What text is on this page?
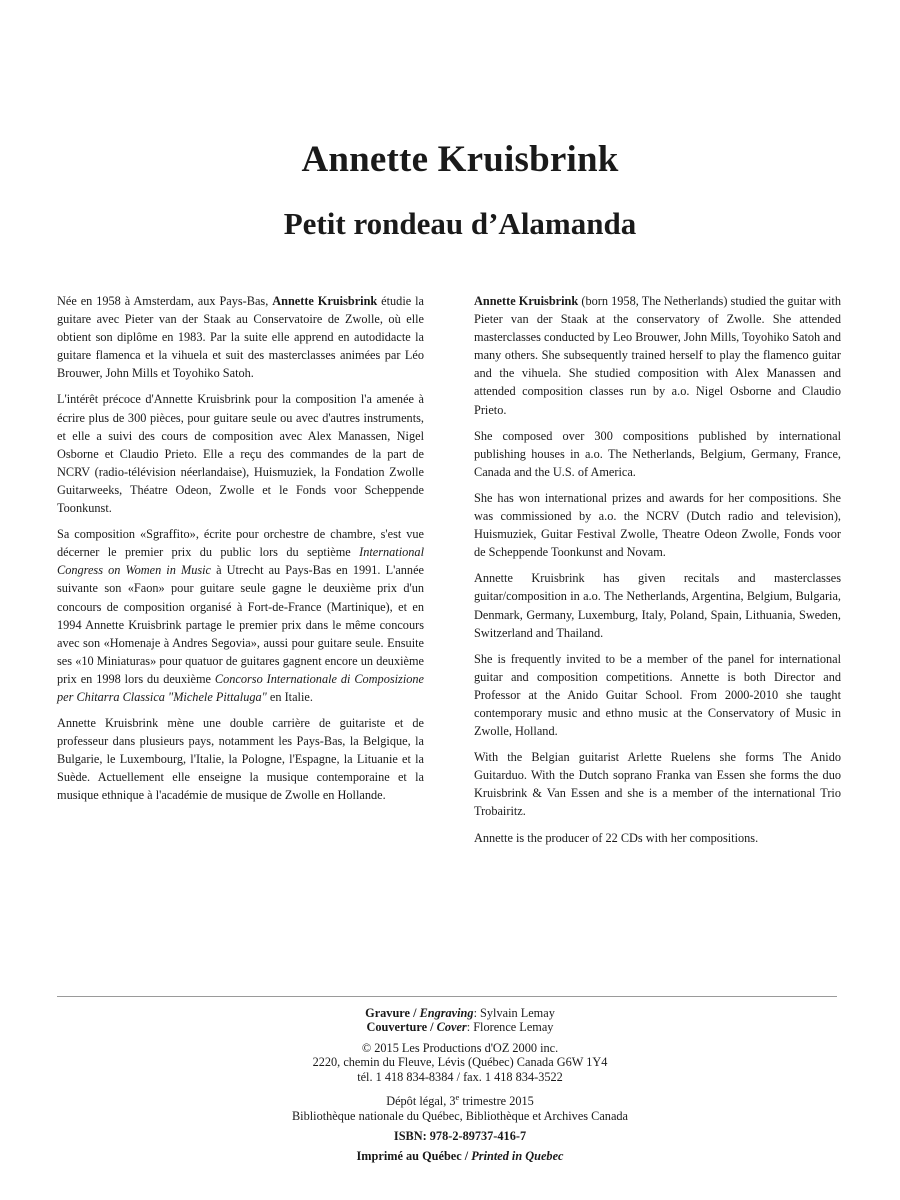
Annette Kruisbrink
Petit rondeau d’Alamanda

Née en 1958 à Amsterdam, aux Pays-Bas, Annette Kruisbrink étudie la guitare avec Pieter van der Staak au Conservatoire de Zwolle, où elle obtient son diplôme en 1983. Par la suite elle apprend en autodidacte la guitare flamenca et la vihuela et suit des masterclasses animées par Léo Brouwer, John Mills et Toyohiko Satoh.

L'intérêt précoce d'Annette Kruisbrink pour la composition l'a amenée à écrire plus de 300 pièces, pour guitare seule ou avec d'autres instruments, et elle a suivi des cours de composition avec Alex Manassen, Nigel Osborne et Claudio Prieto. Elle a reçu des commandes de la part de NCRV (radio-télévision néerlandaise), Huismuziek, la Fondation Zwolle Guitarweeks, Théatre Odeon, Zwolle et le Fonds voor Scheppende Toonkunst.

Sa composition «Sgraffito», écrite pour orchestre de chambre, s'est vue décerner le premier prix du public lors du septième International Congress on Women in Music à Utrecht au Pays-Bas en 1991. L'année suivante son «Faon» pour guitare seule gagne le deuxième prix d'un concours de composition organisé à Fort-de-France (Martinique), et en 1994 Annette Kruisbrink partage le premier prix dans le même concours avec son «Homenaje à Andres Segovia», aussi pour guitare seule. Ensuite ses «10 Miniaturas» pour quatuor de guitares gagnent encore un deuxième prix en 1998 lors du deuxième Concorso Internationale di Composizione per Chitarra Classica "Michele Pittaluga" en Italie.

Annette Kruisbrink mène une double carrière de guitariste et de professeur dans plusieurs pays, notamment les Pays-Bas, la Belgique, la Bulgarie, le Luxembourg, l'Italie, la Pologne, l'Espagne, la Lituanie et la Suède. Actuellement elle enseigne la musique contemporaine et la musique ethnique à l'académie de musique de Zwolle en Hollande.

Annette Kruisbrink (born 1958, The Netherlands) studied the guitar with Pieter van der Staak at the conservatory of Zwolle. She attended masterclasses conducted by Leo Brouwer, John Mills, Toyohiko Satoh and many others. She subsequently trained herself to play the flamenco guitar and the vihuela. She studied composition with Alex Manassen and attended composition classes run by a.o. Nigel Osborne and Claudio Prieto.

She composed over 300 compositions published by international publishing houses in a.o. The Netherlands, Belgium, Germany, France, Canada and the U.S. of America.

She has won international prizes and awards for her compositions. She was commissioned by a.o. the NCRV (Dutch radio and television), Huismuziek, Guitar Festival Zwolle, Theatre Odeon Zwolle, Fonds voor de Scheppende Toonkunst and Novam.

Annette Kruisbrink has given recitals and masterclasses guitar/composition in a.o. The Netherlands, Argentina, Belgium, Bulgaria, Denmark, Germany, Luxemburg, Italy, Poland, Spain, Lithuania, Sweden, Switzerland and Thailand.

She is frequently invited to be a member of the panel for international guitar and composition competitions. Annette is both Director and Professor at the Anido Guitar School. From 2000-2010 she taught contemporary music and ethno music at the Conservatory of Music in Zwolle, Holland.

With the Belgian guitarist Arlette Ruelens she forms The Anido Guitarduo. With the Dutch soprano Franka van Essen she forms the duo Kruisbrink & Van Essen and she is a member of the international Trio Trobairitz.

Annette is the producer of 22 CDs with her compositions.

Gravure / Engraving: Sylvain Lemay
Couverture / Cover: Florence Lemay
© 2015 Les Productions d'OZ 2000 inc.
2220, chemin du Fleuve, Lévis (Québec) Canada G6W 1Y4
tél. 1 418 834-8384 / fax. 1 418 834-3522
Dépôt légal, 3e trimestre 2015
Bibliothèque nationale du Québec, Bibliothèque et Archives Canada
ISBN: 978-2-89737-416-7
Imprimé au Québec / Printed in Quebec
